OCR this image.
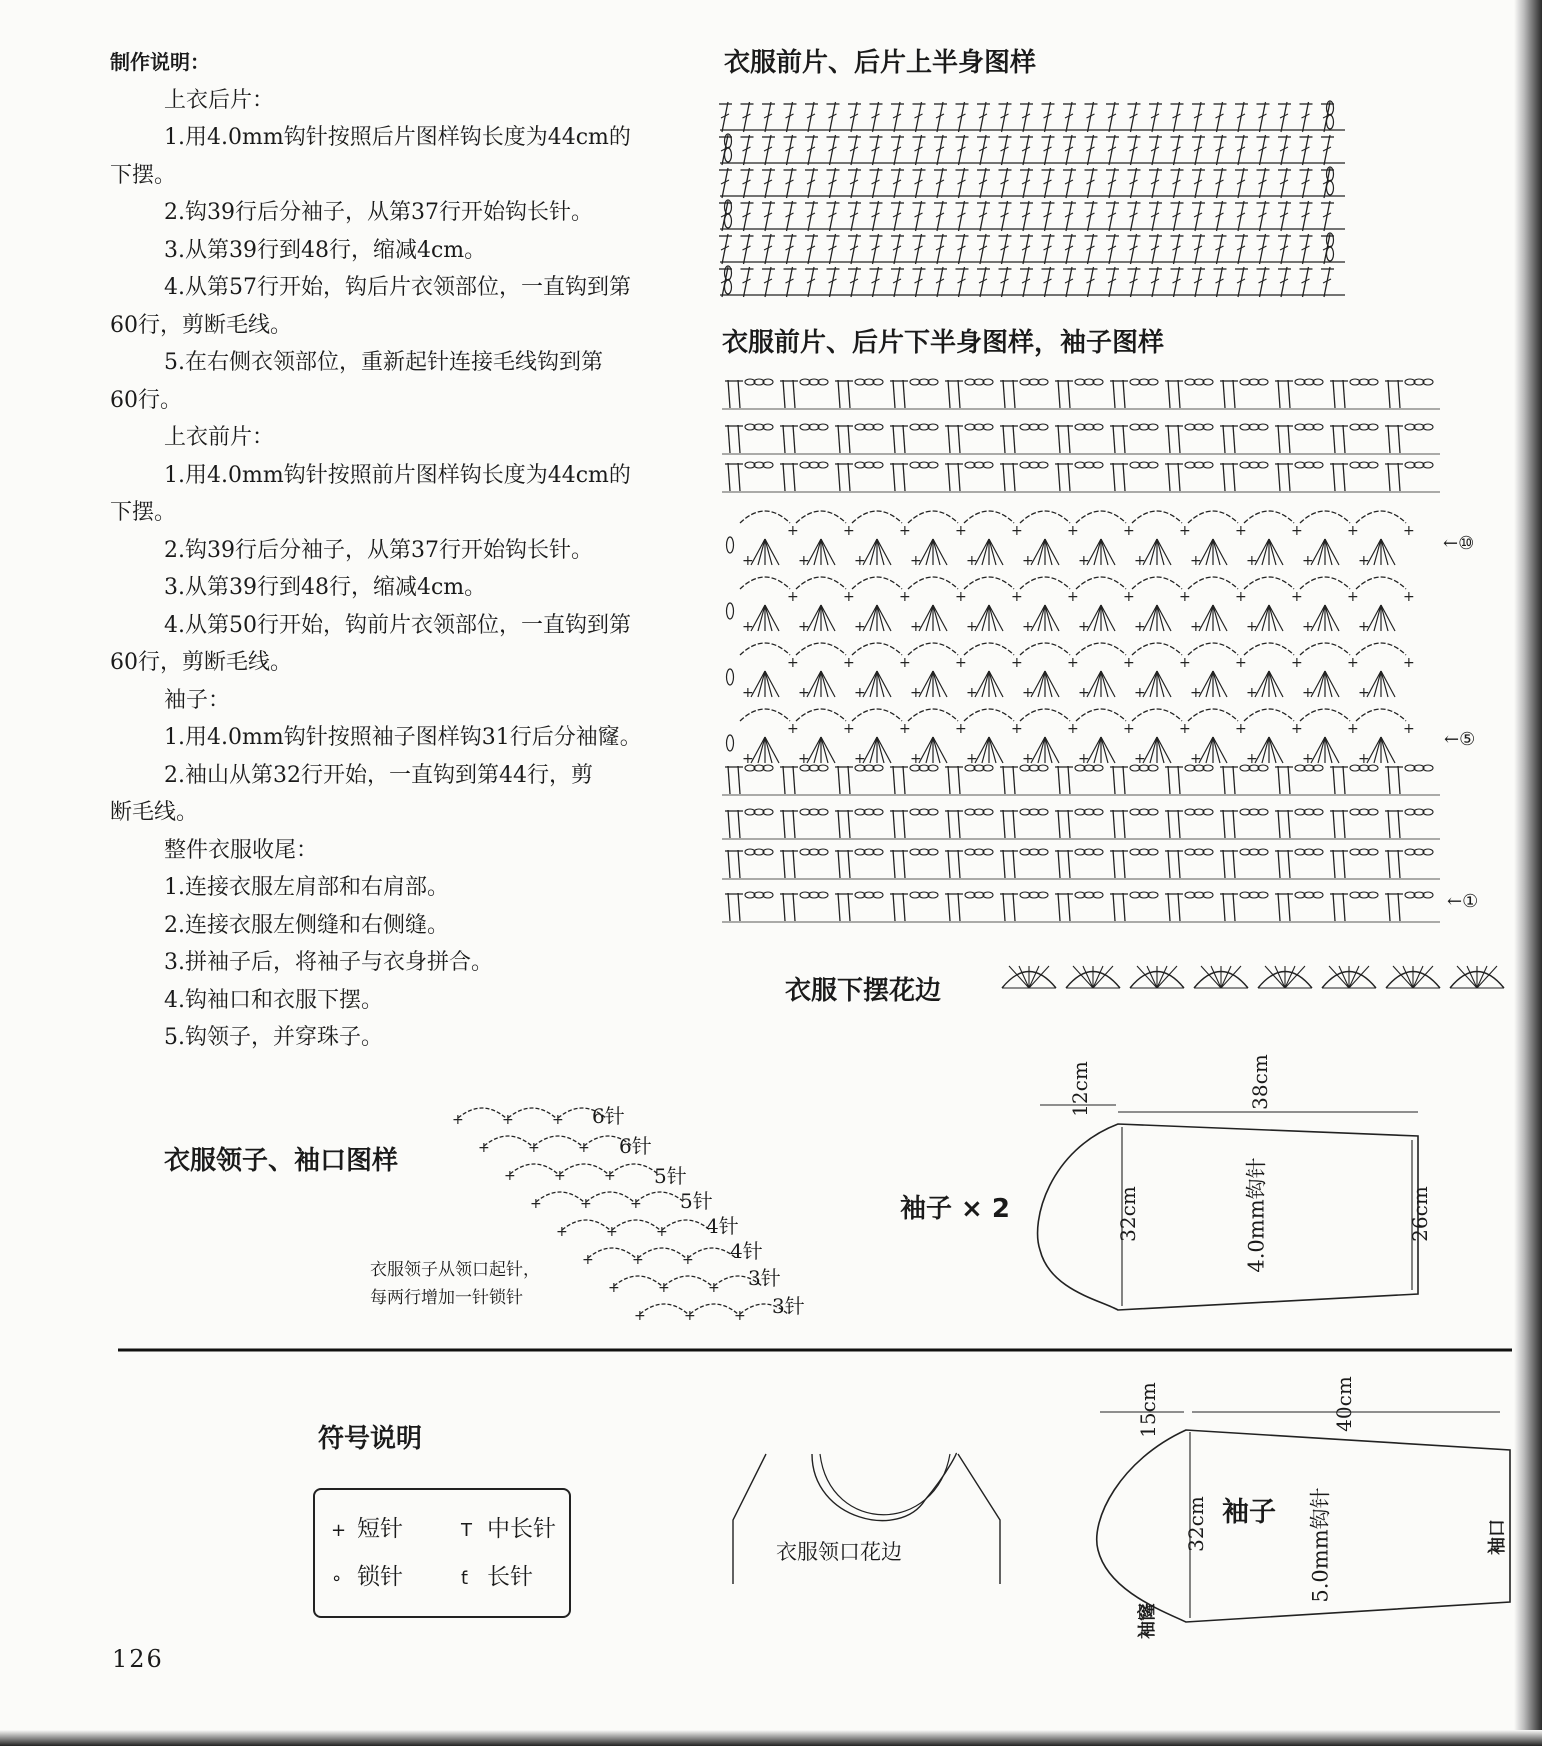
制作说明：
上衣后片：
1.用4.0mm钩针按照后片图样钩长度为44cm的
下摆。
2.钩39行后分袖子，从第37行开始钩长针。
3.从第39行到48行，缩减4cm。
4.从第57行开始，钩后片衣领部位，一直钩到第
60行，剪断毛线。
5.在右侧衣领部位，重新起针连接毛线钩到第
60行。
上衣前片：
1.用4.0mm钩针按照前片图样钩长度为44cm的
下摆。
2.钩39行后分袖子，从第37行开始钩长针。
3.从第39行到48行，缩减4cm。
4.从第50行开始，钩前片衣领部位，一直钩到第
60行，剪断毛线。
袖子：
1.用4.0mm钩针按照袖子图样钩31行后分袖窿。
2.袖山从第32行开始，一直钩到第44行，剪
断毛线。
整件衣服收尾：
1.连接衣服左肩部和右肩部。
2.连接衣服左侧缝和右侧缝。
3.拼袖子后，将袖子与衣身拼合。
4.钩袖口和衣服下摆。
5.钩领子，并穿珠子。
衣服前片、后片上半身图样
衣服前片、后片下半身图样，袖子图样
衣服下摆花边
衣服领子、袖口图样
袖子 × 2
符号说明
+
+
+
+
+
+
+
+
+
+
+
+
+
+
+
+
+
+
+
+
+
+
+
+
+
+
+
+
+
+
+
+
+
+
+
+
+
+
+
+
+
+
+
+
+
+
+
+
+
+
+
+
+
+
+
+
+
+
+
+
+
+
+
+
+
+
+
+
+
+
+
+
+
+
+
+
+
+
+
+
+
+
+
+
+
+
+
+
+
+
+
+
+
+
+
+
+	+	+
+	+	+
+	+	+
+	+	+
+	+	+
+	+	+
+	+	+
+	+	+
←⑩
←⑤
←①
6针
6针
5针
5针
4针
4针
3针
3针
衣服领子从领口起针，
每两行增加一针锁针
12cm	38cm
32cm	26cm
4.0mm钩针
15cm	40cm
32cm 袖子 5.0mm钩针
袖窿
袖口
衣服领口花边
+ 短针	T 中长针
∘ 锁针	ƭ 长针
126
